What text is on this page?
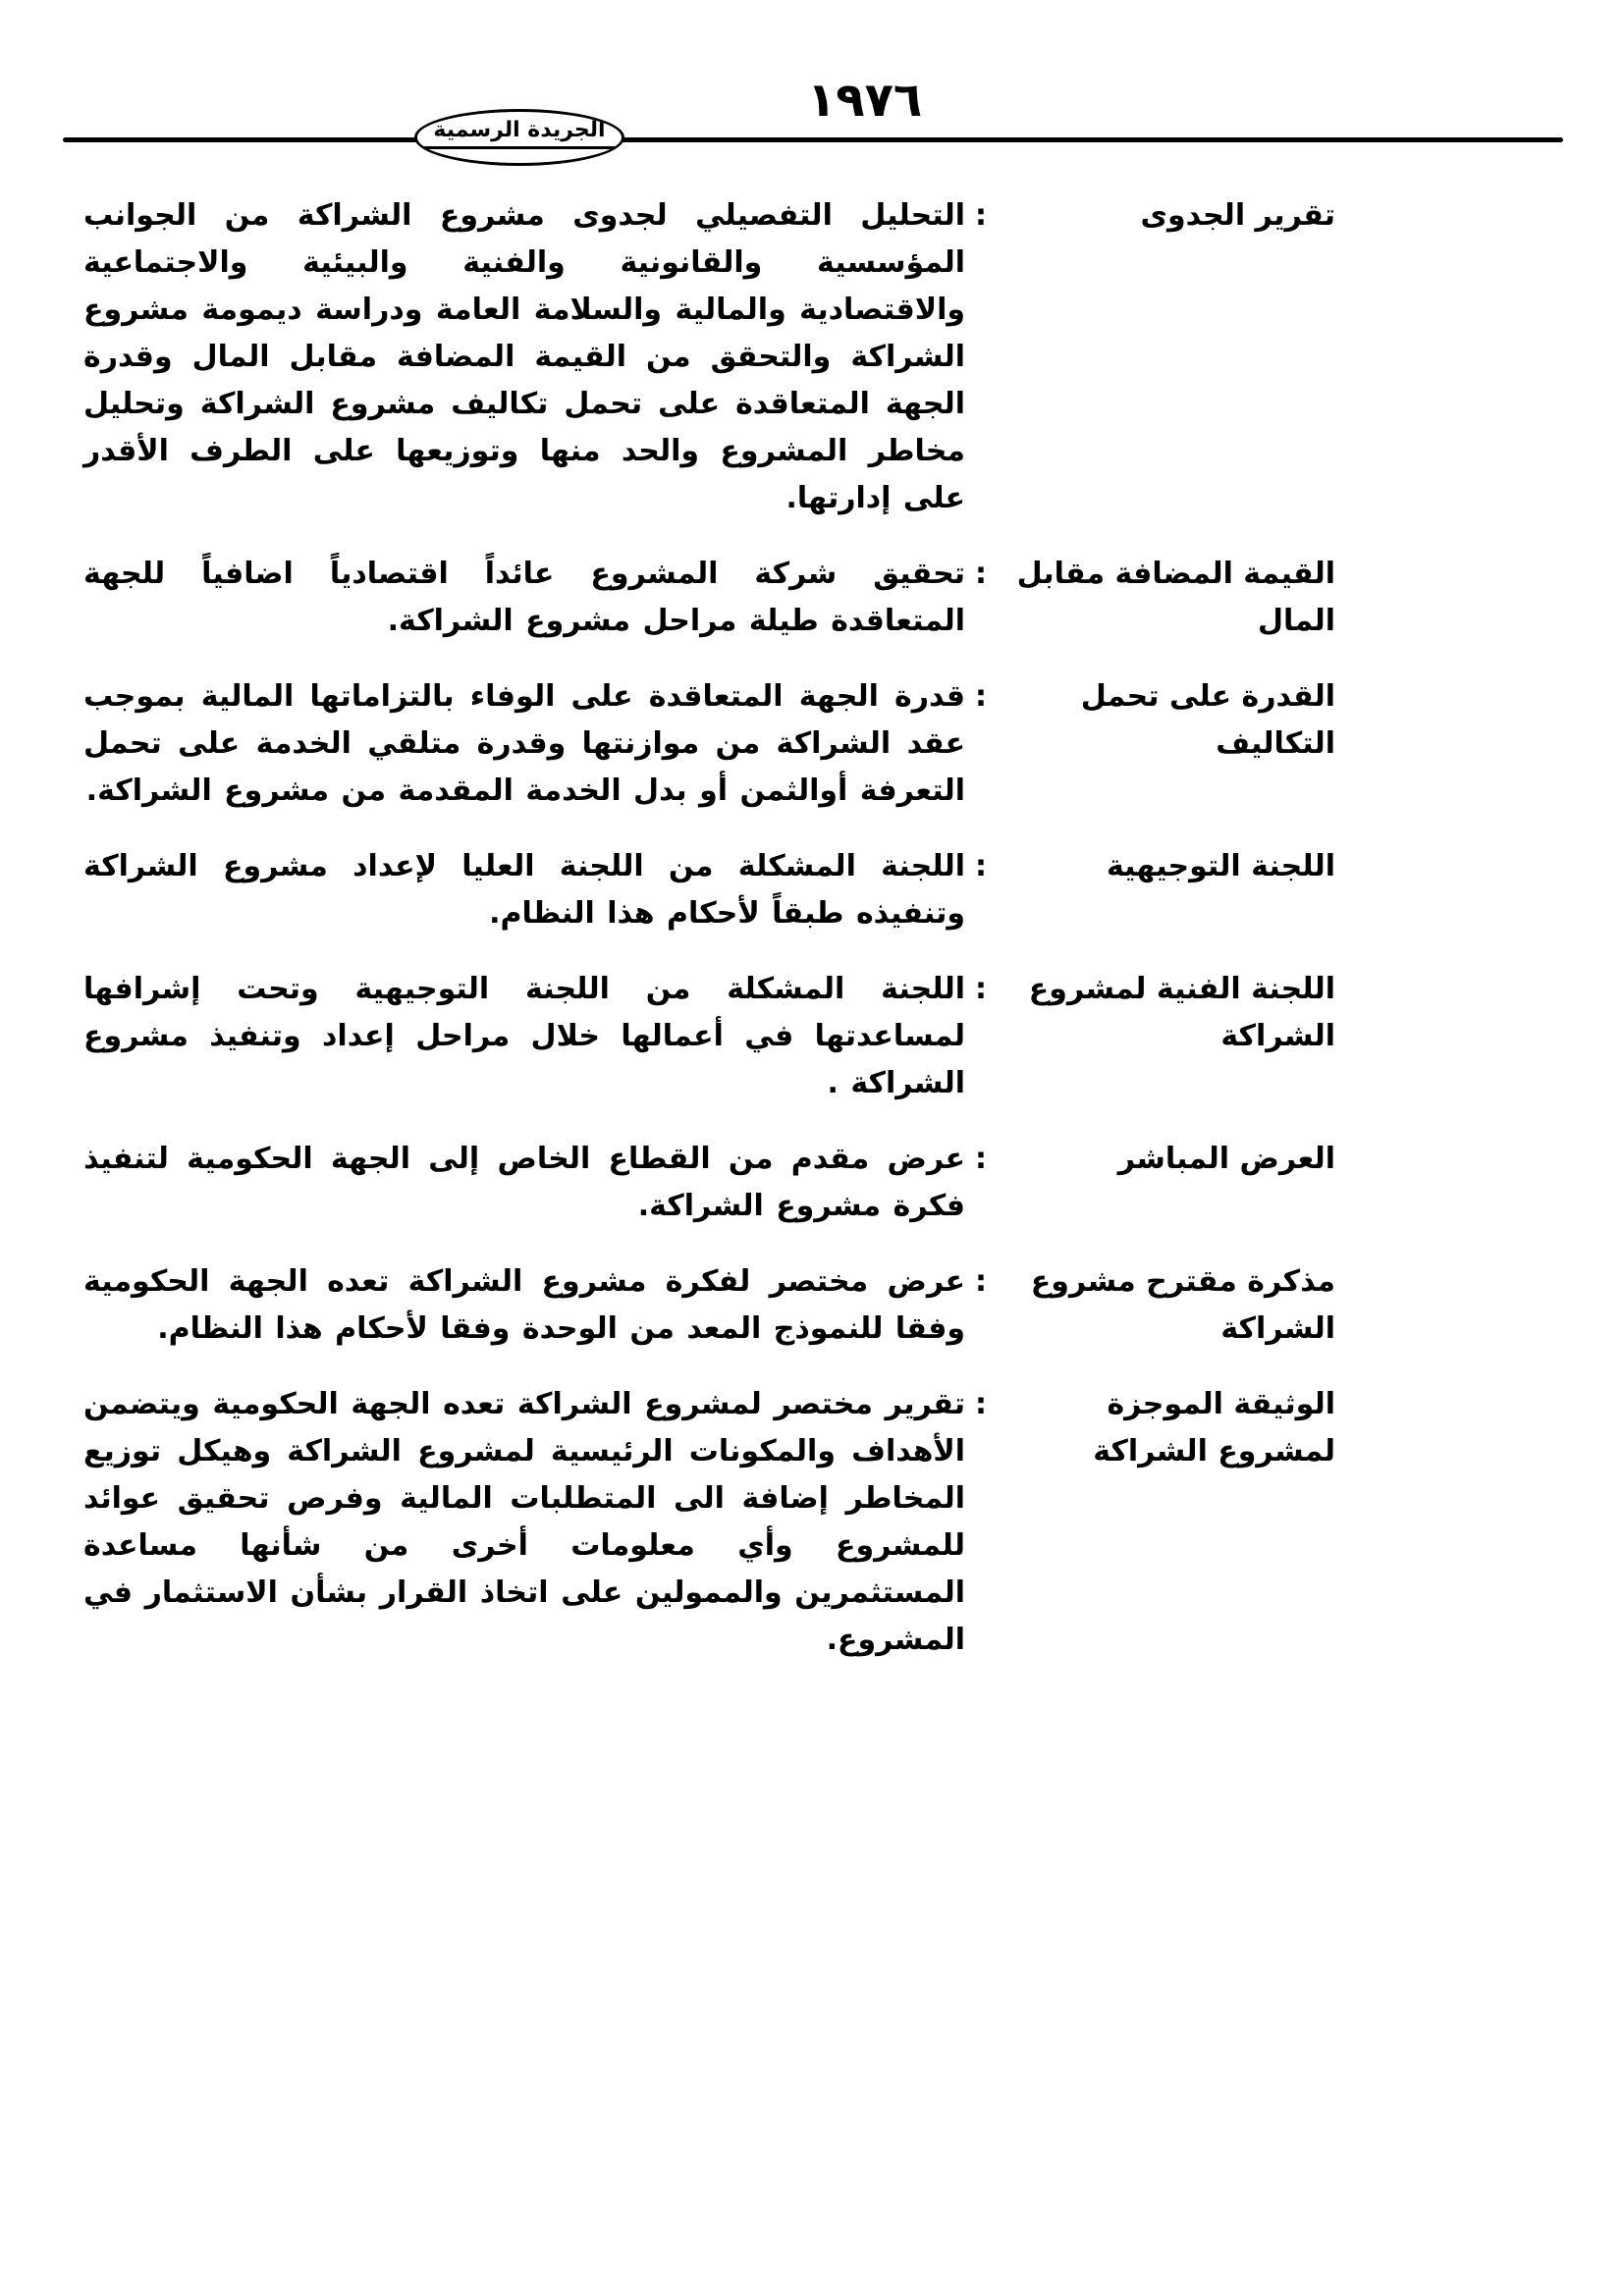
١٩٧٦
الجريدة الرسمية
تقرير الجدوى
:
التحليل التفصيلي لجدوى مشروع الشراكة من الجوانب المؤسسية والقانونية والفنية والبيئية والاجتماعية والاقتصادية والمالية والسلامة العامة ودراسة ديمومة مشروع الشراكة والتحقق من القيمة المضافة مقابل المال وقدرة الجهة المتعاقدة على تحمل تكاليف مشروع الشراكة وتحليل مخاطر المشروع والحد منها وتوزيعها على الطرف الأقدر على إدارتها.
القيمة المضافة مقابل المال
:
تحقيق شركة المشروع عائداً اقتصادياً اضافياً للجهة المتعاقدة طيلة مراحل مشروع الشراكة.
القدرة على تحمل التكاليف
:
قدرة الجهة المتعاقدة على الوفاء بالتزاماتها المالية بموجب عقد الشراكة من موازنتها وقدرة متلقي الخدمة على تحمل التعرفة أوالثمن أو بدل الخدمة المقدمة من مشروع الشراكة.
اللجنة التوجيهية
:
اللجنة المشكلة من اللجنة العليا لإعداد مشروع الشراكة وتنفيذه طبقاً لأحكام هذا النظام.
اللجنة الفنية لمشروع الشراكة
:
اللجنة المشكلة من اللجنة التوجيهية وتحت إشرافها لمساعدتها في أعمالها خلال مراحل إعداد وتنفيذ مشروع الشراكة .
العرض المباشر
:
عرض مقدم من القطاع الخاص إلى الجهة الحكومية لتنفيذ فكرة مشروع الشراكة.
مذكرة مقترح مشروع الشراكة
:
عرض مختصر لفكرة مشروع الشراكة تعده الجهة الحكومية وفقا للنموذج المعد من الوحدة وفقا لأحكام هذا النظام.
الوثيقة الموجزة لمشروع الشراكة
:
تقرير مختصر لمشروع الشراكة تعده الجهة الحكومية ويتضمن الأهداف والمكونات الرئيسية لمشروع الشراكة وهيكل توزيع المخاطر إضافة الى المتطلبات المالية وفرص تحقيق عوائد للمشروع وأي معلومات أخرى من شأنها مساعدة المستثمرين والممولين على اتخاذ القرار بشأن الاستثمار في المشروع.
